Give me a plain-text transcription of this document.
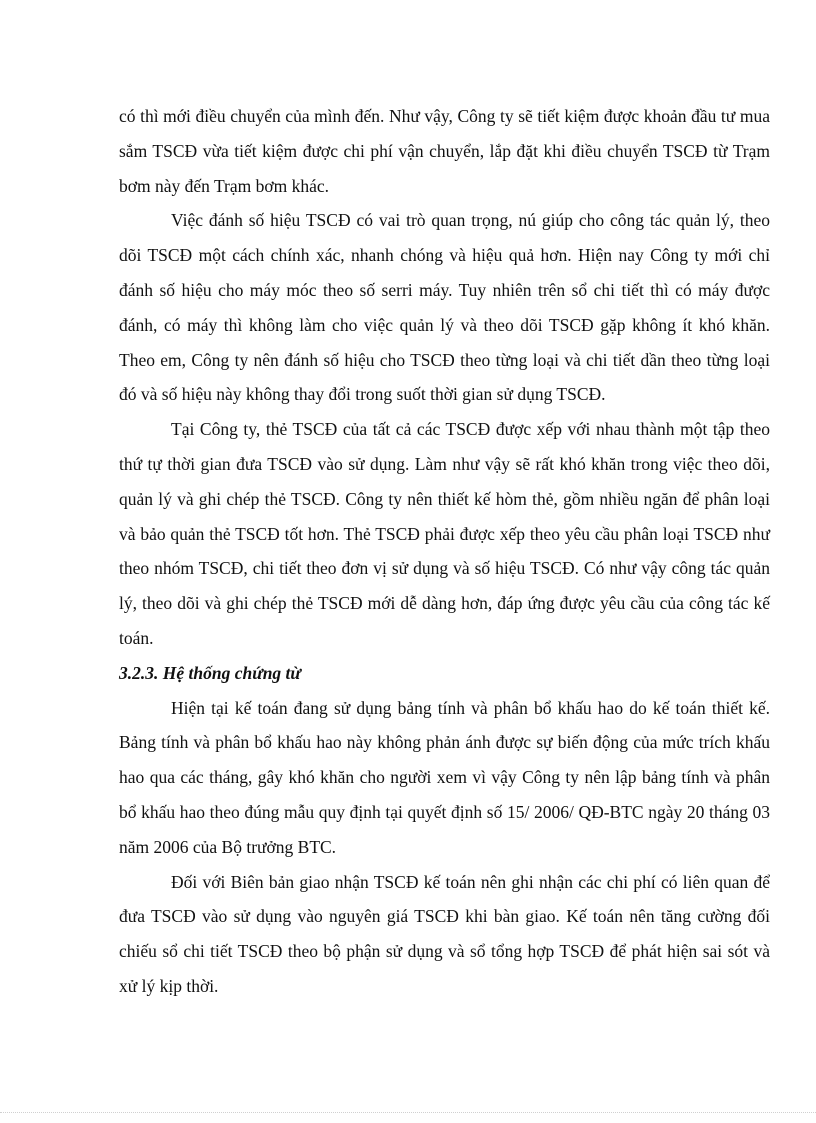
có thì mới điều chuyển của mình đến. Như vậy, Công ty sẽ tiết kiệm được khoản đầu tư mua sắm TSCĐ vừa tiết kiệm được chi phí vận chuyển, lắp đặt khi điều chuyển TSCĐ từ Trạm bơm này đến Trạm bơm khác.

Việc đánh số hiệu TSCĐ có vai trò quan trọng, nú giúp cho công tác quản lý, theo dõi TSCĐ một cách chính xác, nhanh chóng và hiệu quả hơn. Hiện nay Công ty mới chỉ đánh số hiệu cho máy móc theo số serri máy. Tuy nhiên trên sổ chi tiết thì có máy được đánh, có máy thì không làm cho việc quản lý và theo dõi TSCĐ gặp không ít khó khăn. Theo em, Công ty nên đánh số hiệu cho TSCĐ theo từng loại và chi tiết dần theo từng loại đó và số hiệu này không thay đổi trong suốt thời gian sử dụng TSCĐ.

Tại Công ty, thẻ TSCĐ của tất cả các TSCĐ được xếp với nhau thành một tập theo thứ tự thời gian đưa TSCĐ vào sử dụng. Làm như vậy sẽ rất khó khăn trong việc theo dõi, quản lý và ghi chép thẻ TSCĐ. Công ty nên thiết kế hòm thẻ, gồm nhiều ngăn để phân loại và bảo quản thẻ TSCĐ tốt hơn. Thẻ TSCĐ phải được xếp theo yêu cầu phân loại TSCĐ như theo nhóm TSCĐ, chi tiết theo đơn vị sử dụng và số hiệu TSCĐ. Có như vậy công tác quản lý, theo dõi và ghi chép thẻ TSCĐ mới dễ dàng hơn, đáp ứng được yêu cầu của công tác kế toán.

3.2.3. Hệ thống chứng từ

Hiện tại kế toán đang sử dụng bảng tính và phân bổ khấu hao do kế toán thiết kế. Bảng tính và phân bổ khấu hao này không phản ánh được sự biến động của mức trích khấu hao qua các tháng, gây khó khăn cho người xem vì vậy Công ty nên lập bảng tính và phân bổ khấu hao theo đúng mẫu quy định tại quyết định số 15/ 2006/ QĐ-BTC ngày 20 tháng 03 năm 2006 của Bộ trưởng BTC.

Đối với Biên bản giao nhận TSCĐ kế toán nên ghi nhận các chi phí có liên quan để đưa TSCĐ vào sử dụng vào nguyên giá TSCĐ khi bàn giao. Kế toán nên tăng cường đối chiếu sổ chi tiết TSCĐ theo bộ phận sử dụng và sổ tổng hợp TSCĐ để phát hiện sai sót và xử lý kịp thời.
